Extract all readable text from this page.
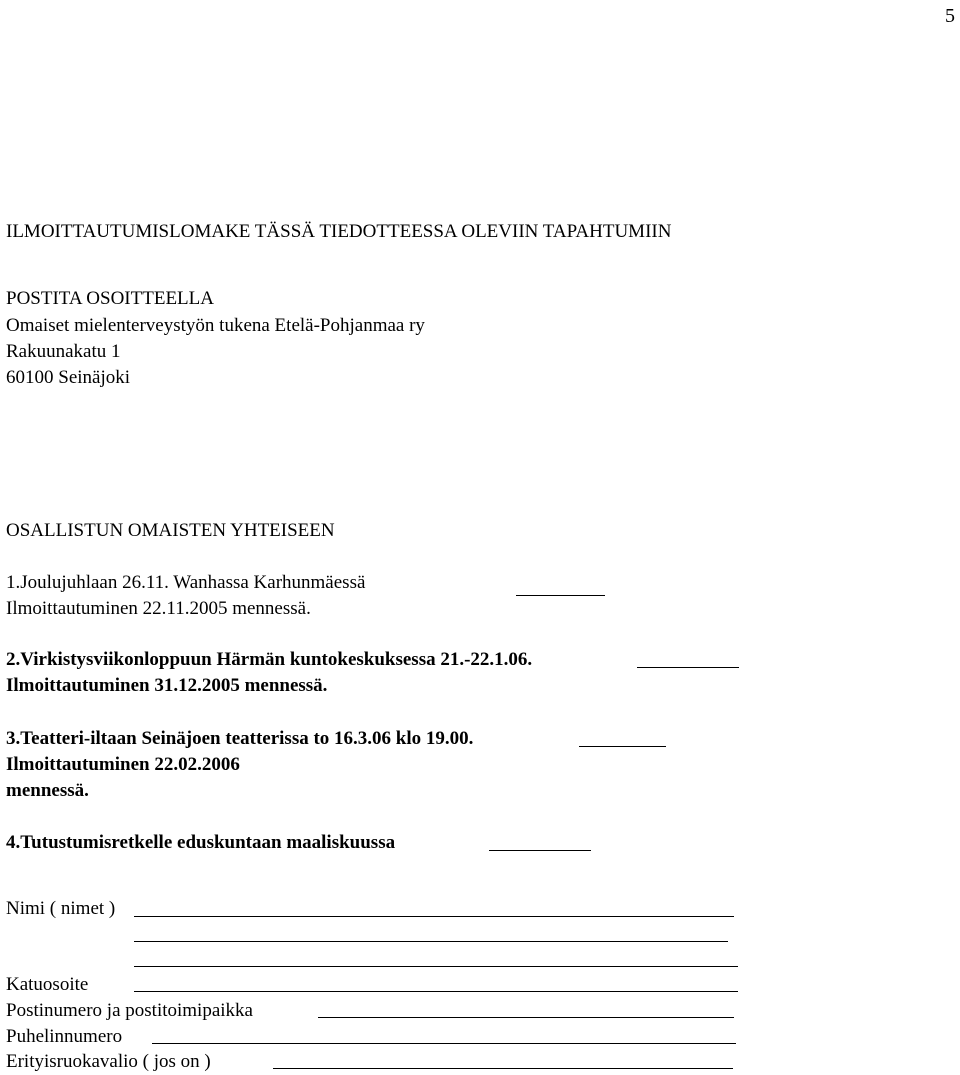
5
ILMOITTAUTUMISLOMAKE TÄSSÄ TIEDOTTEESSA OLEVIIN TAPAHTUMIIN
POSTITA OSOITTEELLA
Omaiset mielenterveystyön tukena Etelä-Pohjanmaa ry
Rakuunakatu 1
60100 Seinäjoki
OSALLISTUN OMAISTEN YHTEISEEN
1.Joulujuhlaan 26.11. Wanhassa Karhunmäessä
Ilmoittautuminen 22.11.2005 mennessä.
2.Virkistysviikonloppuun Härmän kuntokeskuksessa 21.-22.1.06.
Ilmoittautuminen 31.12.2005 mennessä.
3.Teatteri-iltaan Seinäjoen teatterissa to 16.3.06 klo 19.00.
Ilmoittautuminen 22.02.2006
mennessä.
4.Tutustumisretkelle eduskuntaan maaliskuussa
Nimi ( nimet )
Katuosoite
Postinumero ja postitoimipaikka
Puhelinnumero
Erityisruokavalio ( jos on )
